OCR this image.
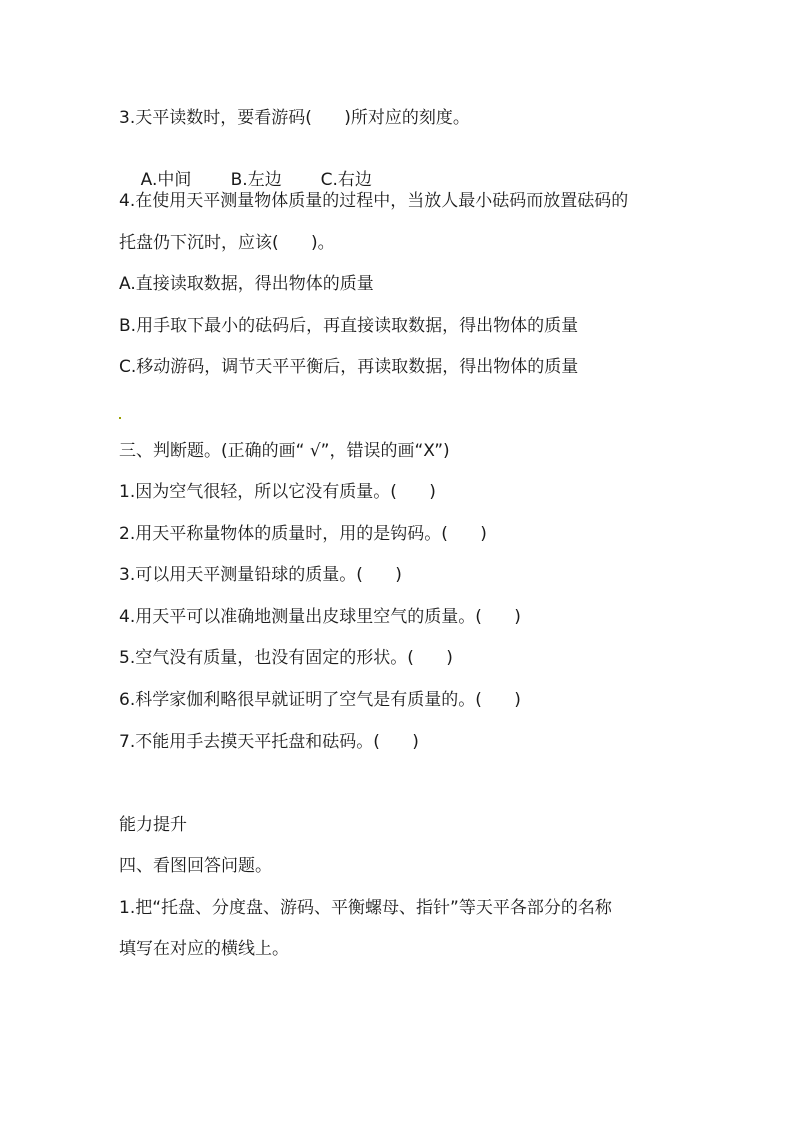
3.天平读数时，要看游码(      )所对应的刻度。

A.中间 B.左边 C.右边

4.在使用天平测量物体质量的过程中，当放人最小砝码而放置砝码的
托盘仍下沉时，应该(      )。
A.直接读取数据，得出物体的质量
B.用手取下最小的砝码后，再直接读取数据，得出物体的质量
C.移动游码，调节天平平衡后，再读取数据，得出物体的质量
三、判断题。(正确的画“ √”，错误的画“X”)
1.因为空气很轻，所以它没有质量。(      )
2.用天平称量物体的质量时，用的是钩码。(      )
3.可以用天平测量铅球的质量。(      )
4.用天平可以准确地测量出皮球里空气的质量。(      )
5.空气没有质量，也没有固定的形状。(      )
6.科学家伽利略很早就证明了空气是有质量的。(      )
7.不能用手去摸天平托盘和砝码。(      )
能力提升
四、看图回答问题。
1.把“托盘、分度盘、游码、平衡螺母、指针”等天平各部分的名称
填写在对应的横线上。
